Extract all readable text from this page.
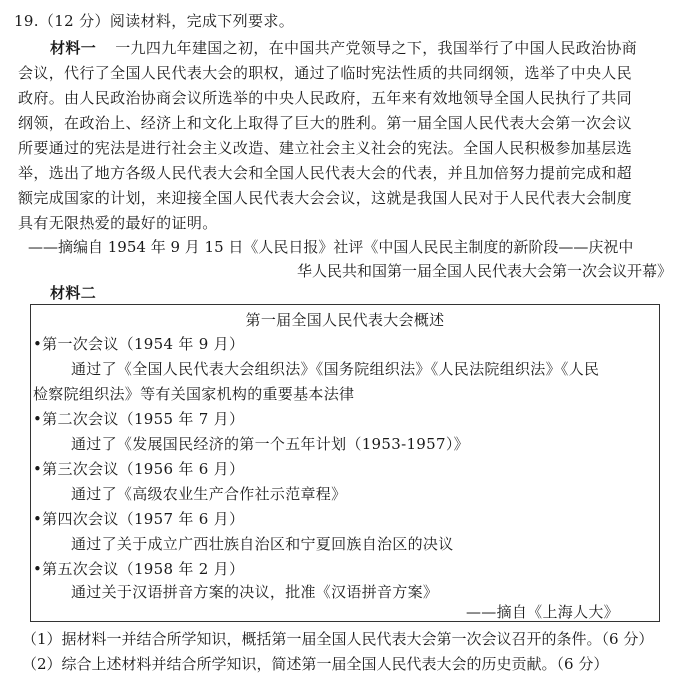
19.（12 分）阅读材料，完成下列要求。
材料一 一九四九年建国之初，在中国共产党领导之下，我国举行了中国人民政治协商
会议，代行了全国人民代表大会的职权，通过了临时宪法性质的共同纲领，选举了中央人民
政府。由人民政治协商会议所选举的中央人民政府，五年来有效地领导全国人民执行了共同
纲领，在政治上、经济上和文化上取得了巨大的胜利。第一届全国人民代表大会第一次会议
所要通过的宪法是进行社会主义改造、建立社会主义社会的宪法。全国人民积极参加基层选
举，选出了地方各级人民代表大会和全国人民代表大会的代表，并且加倍努力提前完成和超
额完成国家的计划，来迎接全国人民代表大会会议，这就是我国人民对于人民代表大会制度
具有无限热爱的最好的证明。
——摘编自 1954 年 9 月 15 日《人民日报》社评《中国人民民主制度的新阶段——庆祝中
华人民共和国第一届全国人民代表大会第一次会议开幕》
材料二
第一届全国人民代表大会概述
•第一次会议（1954 年 9 月）
通过了《全国人民代表大会组织法》《国务院组织法》《人民法院组织法》《人民
检察院组织法》等有关国家机构的重要基本法律
•第二次会议（1955 年 7 月）
通过了《发展国民经济的第一个五年计划（1953-1957）》
•第三次会议（1956 年 6 月）
通过了《高级农业生产合作社示范章程》
•第四次会议（1957 年 6 月）
通过了关于成立广西壮族自治区和宁夏回族自治区的决议
•第五次会议（1958 年 2 月）
通过关于汉语拼音方案的决议，批准《汉语拼音方案》
——摘自《上海人大》
（1）据材料一并结合所学知识，概括第一届全国人民代表大会第一次会议召开的条件。（6 分）
（2）综合上述材料并结合所学知识，简述第一届全国人民代表大会的历史贡献。（6 分）
